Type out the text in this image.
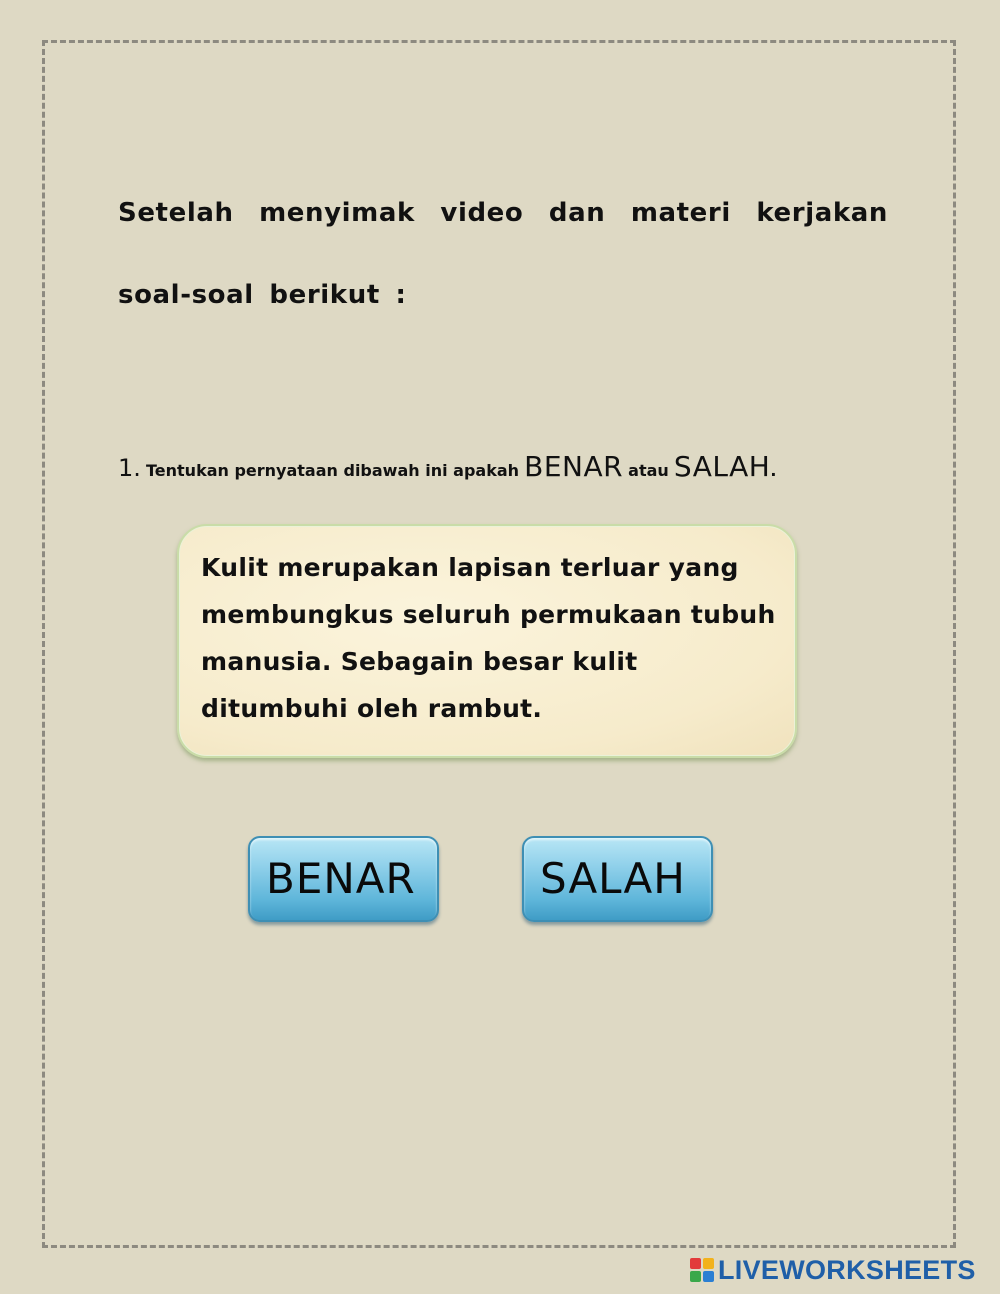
Setelah menyimak video dan materi kerjakan soal-soal berikut :
1. Tentukan pernyataan dibawah ini apakah BENAR atau SALAH.
Kulit merupakan lapisan terluar yang membungkus seluruh permukaan tubuh manusia. Sebagain besar kulit ditumbuhi oleh rambut.
BENAR	SALAH
LIVEWORKSHEETS
